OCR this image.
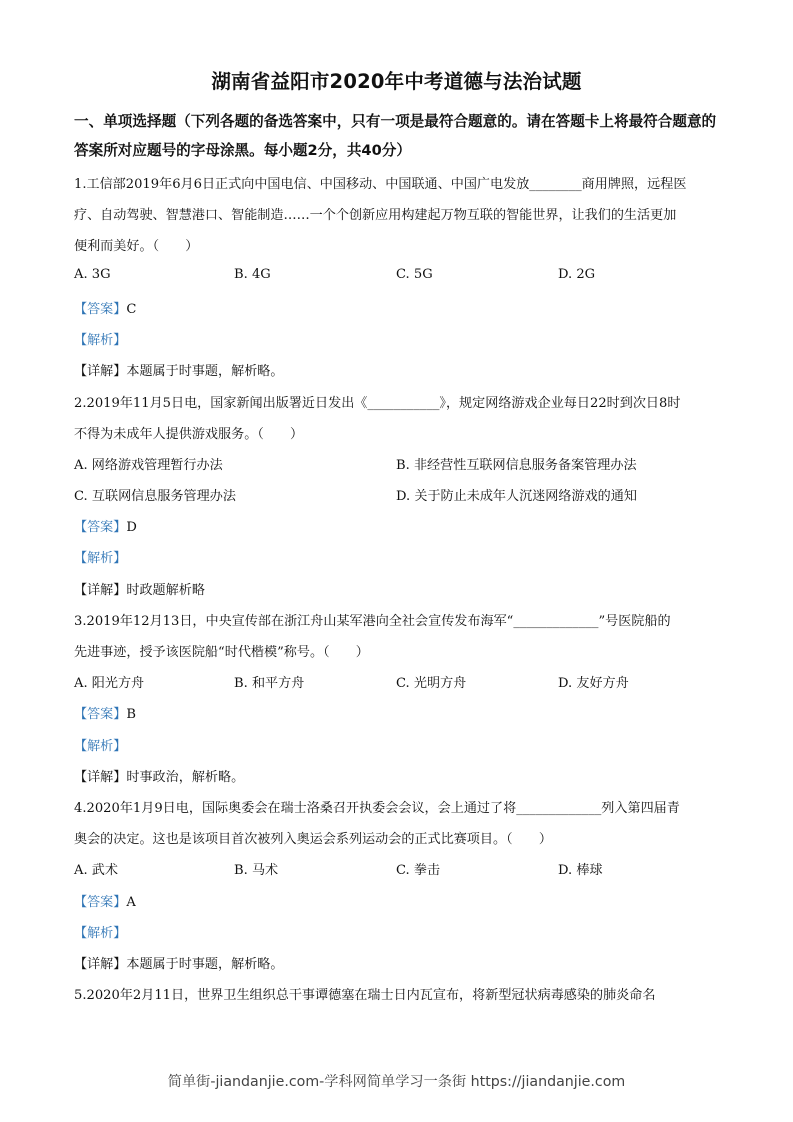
湖南省益阳市2020年中考道德与法治试题
一、单项选择题（下列各题的备选答案中，只有一项是最符合题意的。请在答题卡上将最符合题意的答案所对应题号的字母涂黑。每小题2分，共40分）
1.工信部2019年6月6日正式向中国电信、中国移动、中国联通、中国广电发放________商用牌照，远程医
疗、自动驾驶、智慧港口、智能制造……一个个创新应用构建起万物互联的智能世界，让我们的生活更加
便利而美好。（　　）
A. 3G	B. 4G	C. 5G	D. 2G
【答案】C
【解析】
【详解】本题属于时事题，解析略。
2.2019年11月5日电，国家新闻出版署近日发出《___________》，规定网络游戏企业每日22时到次日8时
不得为未成年人提供游戏服务。（　　）
A. 网络游戏管理暂行办法	B. 非经营性互联网信息服务备案管理办法
C. 互联网信息服务管理办法	D. 关于防止未成年人沉迷网络游戏的通知
【答案】D
【解析】
【详解】时政题解析略
3.2019年12月13日，中央宣传部在浙江舟山某军港向全社会宣传发布海军“_____________”号医院船的
先进事迹，授予该医院船“时代楷模”称号。（　　）
A. 阳光方舟	B. 和平方舟	C. 光明方舟	D. 友好方舟
【答案】B
【解析】
【详解】时事政治，解析略。
4.2020年1月9日电，国际奥委会在瑞士洛桑召开执委会会议，会上通过了将_____________列入第四届青
奥会的决定。这也是该项目首次被列入奥运会系列运动会的正式比赛项目。（　　）
A. 武术	B. 马术	C. 拳击	D. 棒球
【答案】A
【解析】
【详解】本题属于时事题，解析略。
5.2020年2月11日，世界卫生组织总干事谭德塞在瑞士日内瓦宣布，将新型冠状病毒感染的肺炎命名
简单街-jiandanjie.com-学科网简单学习一条街 https://jiandanjie.com
